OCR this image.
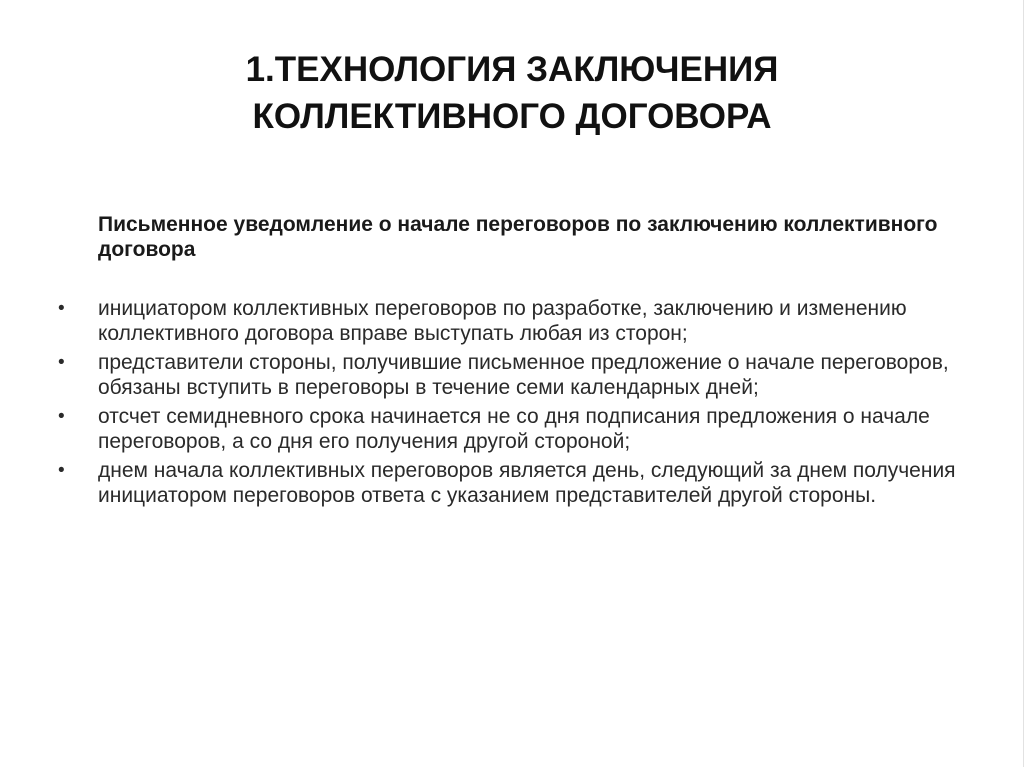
1.ТЕХНОЛОГИЯ ЗАКЛЮЧЕНИЯ
КОЛЛЕКТИВНОГО ДОГОВОРА

Письменное уведомление о начале переговоров по заключению коллективного договора

• инициатором коллективных переговоров по разработке, заключению и изменению коллективного договора вправе выступать любая из сторон;
• представители стороны, получившие письменное предложение о начале переговоров, обязаны вступить в переговоры в течение семи календарных дней;
• отсчет семидневного срока начинается не со дня подписания предложения о начале переговоров, а со дня его получения другой стороной;
• днем начала коллективных переговоров является день, следующий за днем получения инициатором переговоров ответа с указанием представителей другой стороны.
